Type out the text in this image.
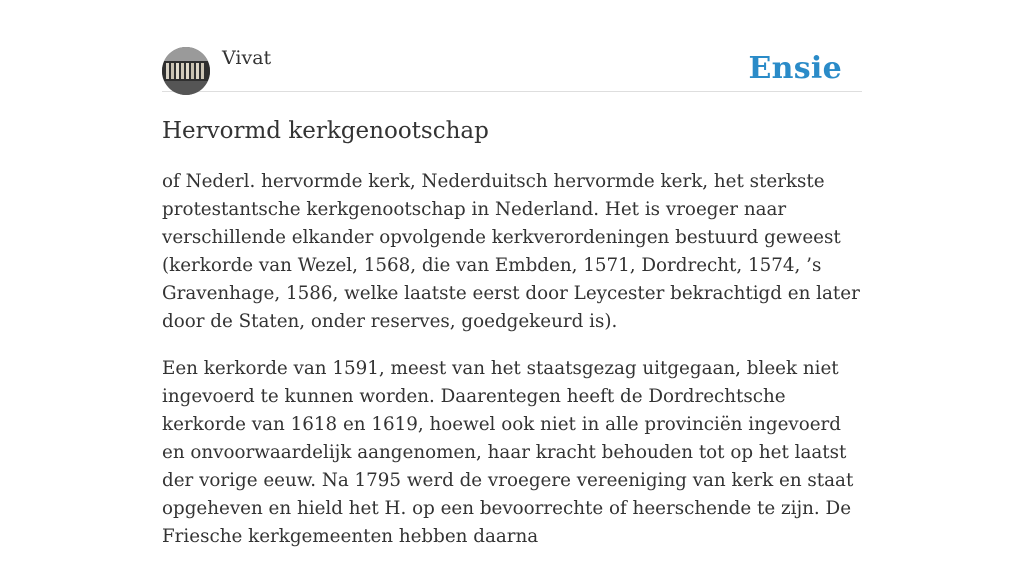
Vivat	Ensie
Hervormd kerkgenootschap

of Nederl. hervormde kerk, Nederduitsch hervormde kerk, het sterkste protestantsche kerkgenootschap in Nederland. Het is vroeger naar verschillende elkander opvolgende kerkverordeningen bestuurd geweest (kerkorde van Wezel, 1568, die van Embden, 1571, Dordrecht, 1574, ’s Gravenhage, 1586, welke laatste eerst door Leycester bekrachtigd en later door de Staten, onder reserves, goedgekeurd is).

Een kerkorde van 1591, meest van het staatsgezag uitgegaan, bleek niet ingevoerd te kunnen worden. Daarentegen heeft de Dordrechtsche kerkorde van 1618 en 1619, hoewel ook niet in alle provinciën ingevoerd en onvoorwaardelijk aangenomen, haar kracht behouden tot op het laatst der vorige eeuw. Na 1795 werd de vroegere vereeniging van kerk en staat opgeheven en hield het H. op een bevoorrechte of heerschende te zijn. De Friesche kerkgemeenten hebben daarna
